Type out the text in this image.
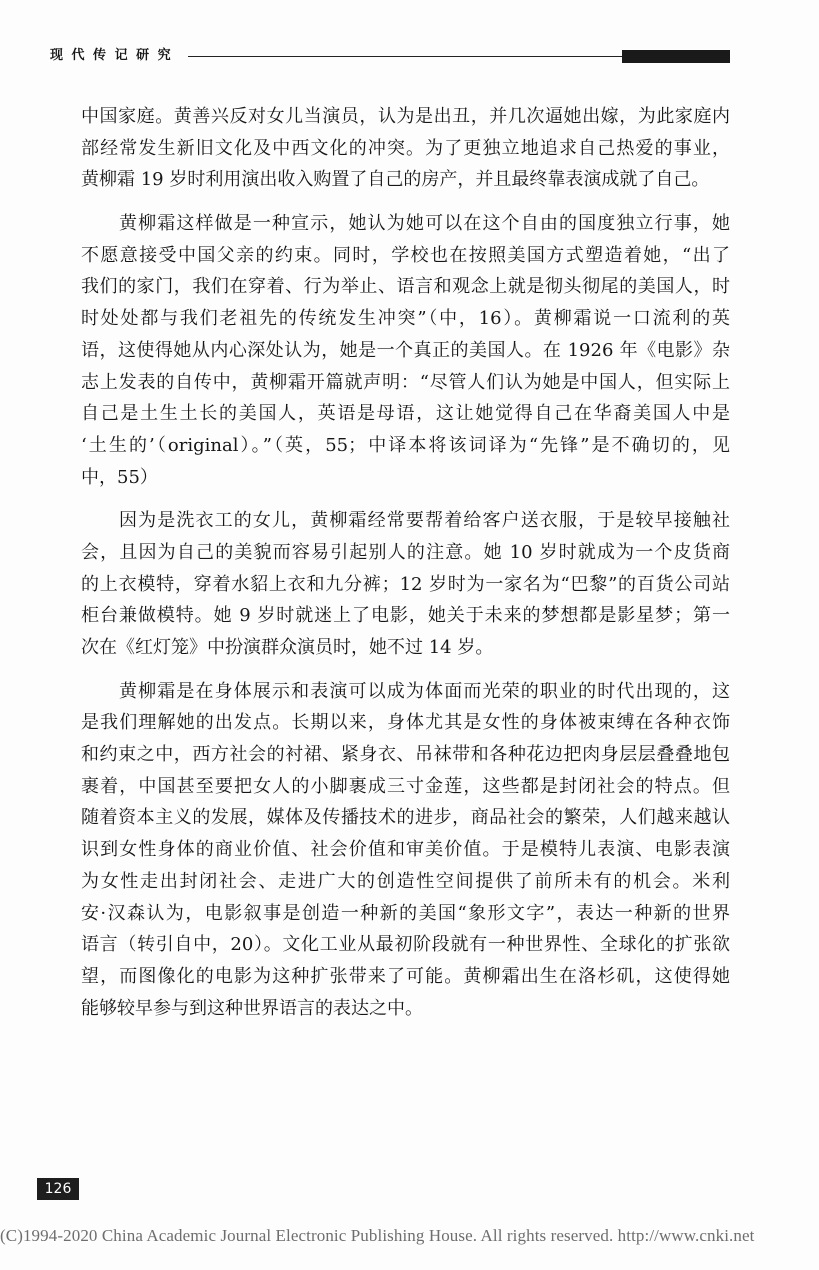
现 代 传 记 研 究
中国家庭。黄善兴反对女儿当演员，认为是出丑，并几次逼她出嫁，为此家庭内
部经常发生新旧文化及中西文化的冲突。为了更独立地追求自己热爱的事业，
黄柳霜 19 岁时利用演出收入购置了自己的房产，并且最终靠表演成就了自己。
黄柳霜这样做是一种宣示，她认为她可以在这个自由的国度独立行事，她
不愿意接受中国父亲的约束。同时，学校也在按照美国方式塑造着她，“出了
我们的家门，我们在穿着、行为举止、语言和观念上就是彻头彻尾的美国人，时
时处处都与我们老祖先的传统发生冲突”（中，16）。黄柳霜说一口流利的英
语，这使得她从内心深处认为，她是一个真正的美国人。在 1926 年《电影》杂
志上发表的自传中，黄柳霜开篇就声明：“尽管人们认为她是中国人，但实际上
自己是土生土长的美国人，英语是母语，这让她觉得自己在华裔美国人中是
‘土生的’（original）。”（英，55；中译本将该词译为“先锋”是不确切的，见
中，55）
因为是洗衣工的女儿，黄柳霜经常要帮着给客户送衣服，于是较早接触社
会，且因为自己的美貌而容易引起别人的注意。她 10 岁时就成为一个皮货商
的上衣模特，穿着水貂上衣和九分裤；12 岁时为一家名为“巴黎”的百货公司站
柜台兼做模特。她 9 岁时就迷上了电影，她关于未来的梦想都是影星梦；第一
次在《红灯笼》中扮演群众演员时，她不过 14 岁。
黄柳霜是在身体展示和表演可以成为体面而光荣的职业的时代出现的，这
是我们理解她的出发点。长期以来，身体尤其是女性的身体被束缚在各种衣饰
和约束之中，西方社会的衬裙、紧身衣、吊袜带和各种花边把肉身层层叠叠地包
裹着，中国甚至要把女人的小脚裹成三寸金莲，这些都是封闭社会的特点。但
随着资本主义的发展，媒体及传播技术的进步，商品社会的繁荣，人们越来越认
识到女性身体的商业价值、社会价值和审美价值。于是模特儿表演、电影表演
为女性走出封闭社会、走进广大的创造性空间提供了前所未有的机会。米利
安·汉森认为，电影叙事是创造一种新的美国“象形文字”，表达一种新的世界
语言（转引自中，20）。文化工业从最初阶段就有一种世界性、全球化的扩张欲
望，而图像化的电影为这种扩张带来了可能。黄柳霜出生在洛杉矶，这使得她
能够较早参与到这种世界语言的表达之中。
126
(C)1994-2020 China Academic Journal Electronic Publishing House. All rights reserved. http://www.cnki.net
